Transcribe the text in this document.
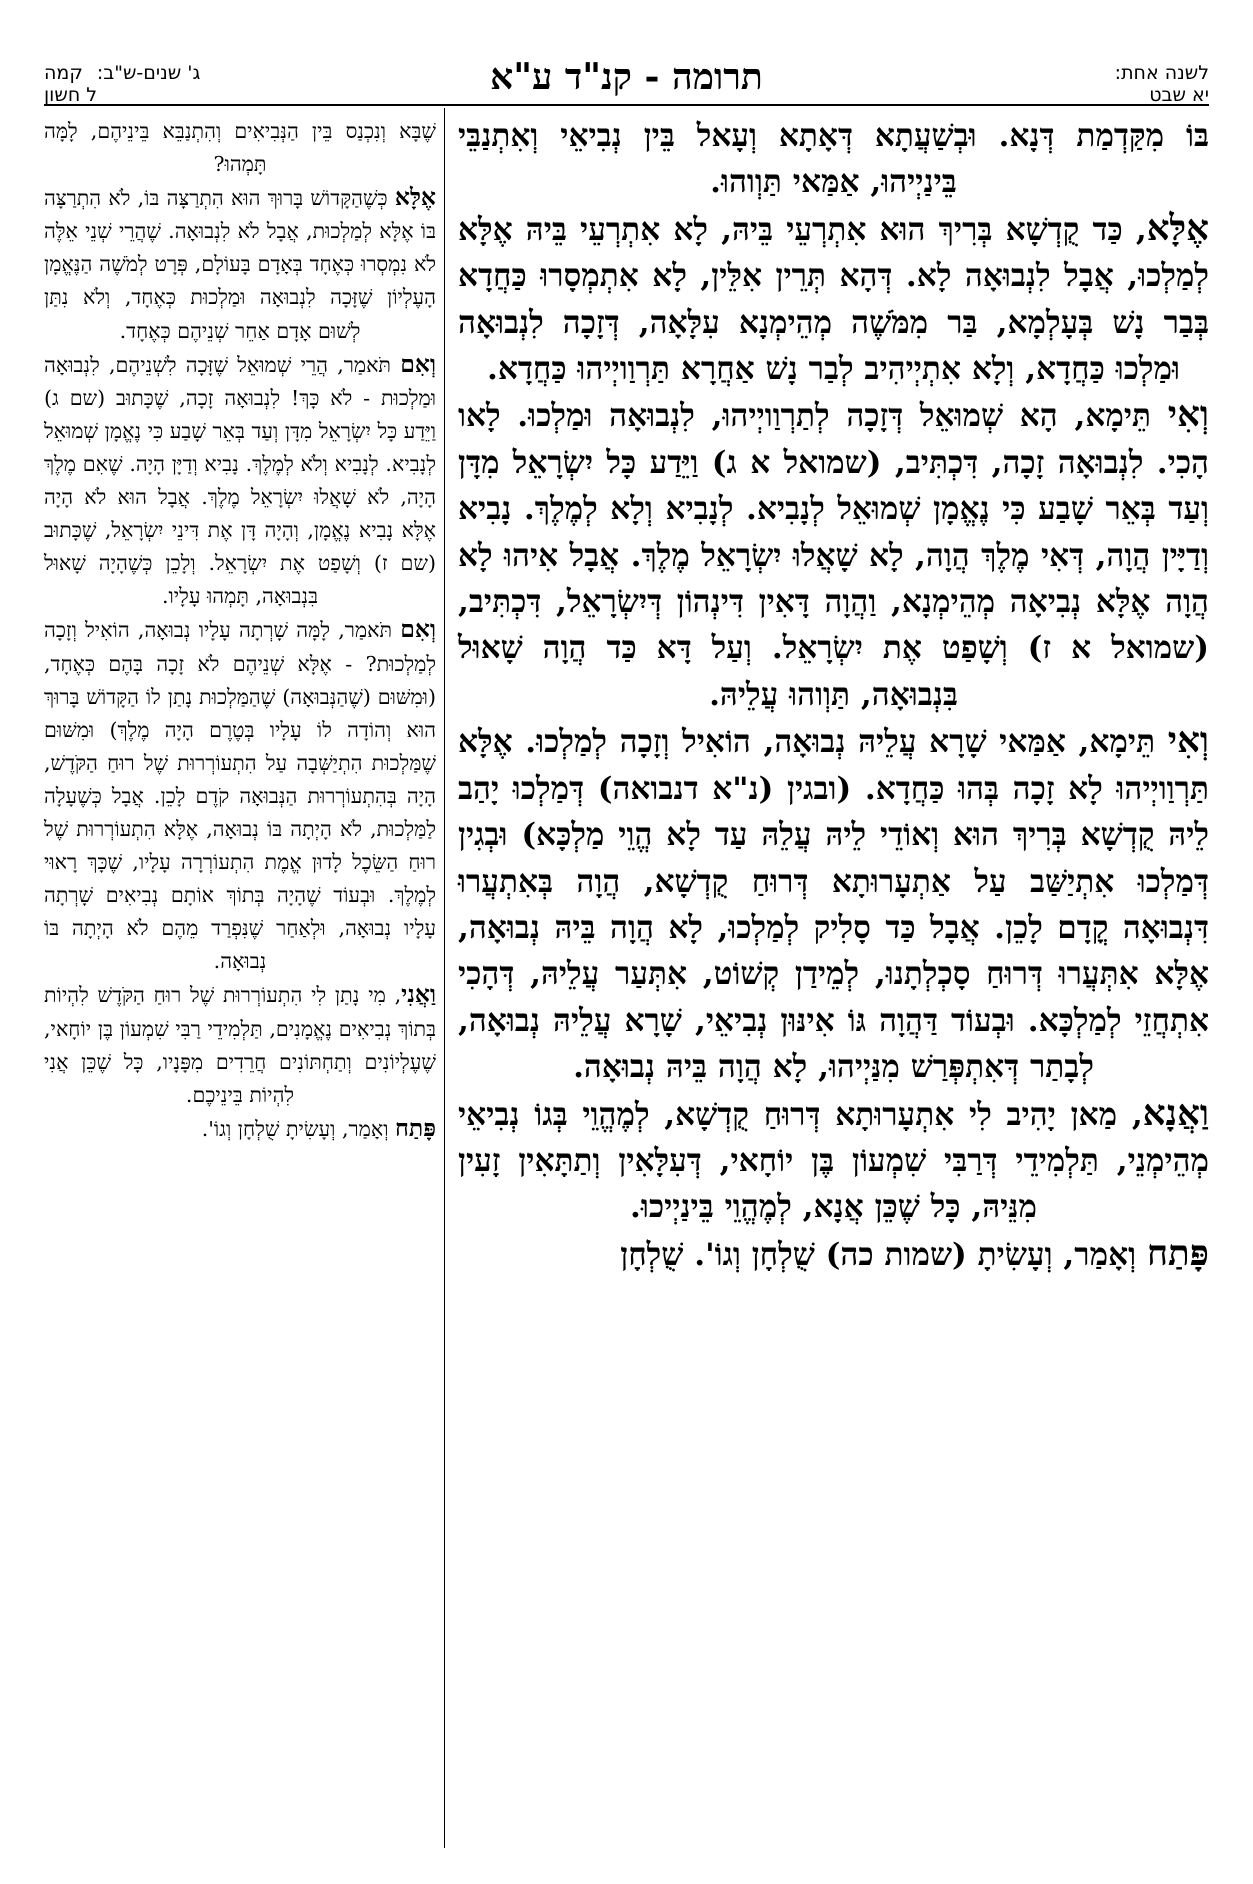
לשנה אחת:
יא שבט
תרומה - קנ"ד ע"א
ג' שנים-ש"ב:קמה
ל חשון

בּוֹ מִקַּדְמַת דְּנָא. וּבְשַׁעֲתָא דְּאָתָא וְעָאל בֵּין נְבִיאֵי וְאִתְנַבֵּי בֵּינַיְיהוּ, אַמַּאי תַּוְוהוּ.

אֶלָּא, כַּד קֻדְשָׁא בְּרִיךְ הוּא אִתְרְעֵי בֵּיהּ, לָא אִתְרְעֵי בֵּיהּ אֶלָּא לְמַלְכוּ, אֲבָל לִנְבוּאָה לָא. דְּהָא תְּרֵין אִלֵּין, לָא אִתְמְסָרוּ כַּחֲדָא בְּבַר נָשׁ בְּעָלְמָא, בַּר מִמֹּשֶׁה מְהֵימְנָא עִלָּאָה, דְּזָכָה לִנְבוּאָה וּמַלְכוּ כַּחֲדָא, וְלָא אִתְיְיהִיב לְבַר נָשׁ אַחֲרָא תַּרְוַויְיהוּ כַּחֲדָא.

וְאִי תֵּימָא, הָא שְׁמוּאֵל דְּזָכָה לְתַרְוַויְיהוּ, לִנְבוּאָה וּמַלְכוּ. לָאו הָכִי. לִנְבוּאָה זָכָה, דִּכְתִּיב, (שמואל א ג) וַיֵּדַע כָּל יִשְׂרָאֵל מִדָּן וְעַד בְּאֵר שָׁבַע כִּי נֶאֱמָן שְׁמוּאֵל לְנָבִיא. לְנָבִיא וְלָא לְמֶלֶךְ. נָבִיא וְדַיָּין הֲוָה, דְּאִי מֶלֶךְ הֲוָה, לָא שָׁאֲלוּ יִשְׂרָאֵל מֶלֶךְ. אֲבָל אִיהוּ לָא הֲוָה אֶלָּא נְבִיאָה מְהֵימְנָא, וַהֲוָה דָּאִין דִּינְהוֹן דְּיִשְׂרָאֵל, דִּכְתִּיב, (שמואל א ז) וְשָׁפַט אֶת יִשְׂרָאֵל. וְעַל דָּא כַּד הֲוָה שָׁאוּל בִּנְבוּאָה, תַּוְוהוּ עֲלֵיהּ.

וְאִי תֵּימָא, אַמַּאי שָׁרָא עֲלֵיהּ נְבוּאָה, הוֹאִיל וְזָכָה לְמַלְכוּ. אֶלָּא תַּרְוַויְיהוּ לָא זָכָה בְּהוּ כַּחֲדָא. (ובגין (נ"א דנבואה) דְּמַלְכוּ יָהַב לֵיהּ קֻדְשָׁא בְּרִיךְ הוּא וְאוֹדֵי לֵיהּ עֲלֵהּ עַד לָא הֱוֵי מַלְכָּא) וּבְגִין דְּמַלְכוּ אִתְיַשַּׁב עַל אַתְעָרוּתָא דְּרוּחַ קֻדְשָׁא, הֲוָה בְּאִתְעֲרוּ דִּנְבוּאָה קֳדָם לָכֵן. אֲבָל כַּד סָלִיק לְמַלְכוּ, לָא הֲוָה בֵּיהּ נְבוּאָה, אֶלָּא אִתְּעֲרוּ דְּרוּחַ סָכְלְתָנוּ, לְמֵידַן קְשׁוֹט, אִתְּעַר עֲלֵיהּ, דְּהָכִי אִתְחֲזֵי לְמַלְכָּא. וּבְעוֹד דַּהֲוָה גּוֹ אִינּוּן נְבִיאֵי, שָׁרָא עֲלֵיהּ נְבוּאָה, לְבָתַר דְּאִתְפְּרַשׁ מִנַּיְיהוּ, לָא הֲוָה בֵּיהּ נְבוּאָה.

וַאֲנָא, מַאן יָהִיב לִי אִתְעָרוּתָא דְּרוּחַ קֻדְשָׁא, לְמֶהֱוֵי בְּגוֹ נְבִיאֵי מְהֵימְנֵי, תַּלְמִידֵי דְּרַבִּי שִׁמְעוֹן בֶּן יוֹחָאי, דְּעִלָּאִין וְתַתָּאִין זָעִין מִנֵּיהּ, כָּל שֶׁכֵּן אֲנָא, לְמֶהֱוֵי בֵּינַיְיכוּ.

פָּתַח וְאָמַר, וְעָשִׂיתָ (שמות כה) שֻׁלְחָן וְגוֹ'. שֻׁלְחָן

שֶׁבָּא וְנִכְנַס בֵּין הַנְּבִיאִים וְהִתְנַבֵּא בֵּינֵיהֶם, לָמָּה תָּמְהוּ?

אֶלָּא כְּשֶׁהַקָּדוֹשׁ בָּרוּךְ הוּא הִתְרַצָּה בּוֹ, לֹא הִתְרַצָּה בּוֹ אֶלָּא לְמַלְכוּת, אֲבָל לֹא לִנְבוּאָה. שֶׁהֲרֵי שְׁנֵי אֵלֶּה לֹא נִמְסְרוּ כְּאֶחָד בְּאָדָם בָּעוֹלָם, פְּרָט לְמֹשֶׁה הַנֶּאֱמָן הָעֶלְיוֹן שֶׁזָּכָה לִנְבוּאָה וּמַלְכוּת כְּאֶחָד, וְלֹא נִתַּן לְשׁוּם אָדָם אַחֵר שְׁנֵיהֶם כְּאֶחָד.

וְאִם תֹּאמַר, הֲרֵי שְׁמוּאֵל שֶׁזָּכָה לִשְׁנֵיהֶם, לִנְבוּאָה וּמַלְכוּת - לֹא כָּךְ! לִנְבוּאָה זָכָה, שֶׁכָּתוּב (שם ג) וַיֵּדַע כָּל יִשְׂרָאֵל מִדָּן וְעַד בְּאֵר שָׁבַע כִּי נֶאֱמָן שְׁמוּאֵל לְנָבִיא. לְנָבִיא וְלֹא לְמֶלֶךְ. נָבִיא וְדַיָּן הָיָה. שֶׁאִם מֶלֶךְ הָיָה, לֹא שָׁאֲלוּ יִשְׂרָאֵל מֶלֶךְ. אֲבָל הוּא לֹא הָיָה אֶלָּא נָבִיא נֶאֱמָן, וְהָיָה דָּן אֶת דִּינֵי יִשְׂרָאֵל, שֶׁכָּתוּב (שם ז) וְשָׁפַט אֶת יִשְׂרָאֵל. וְלָכֵן כְּשֶׁהָיָה שָׁאוּל בִּנְבוּאָה, תָּמְהוּ עָלָיו.

וְאִם תֹּאמַר, לָמָּה שָׁרְתָה עָלָיו נְבוּאָה, הוֹאִיל וְזָכָה לְמַלְכוּת? - אֶלָּא שְׁנֵיהֶם לֹא זָכָה בָּהֶם כְּאֶחָד, (וּמִשּׁוּם (שֶׁהַנְּבוּאָה) שֶׁהַמַּלְכוּת נָתַן לוֹ הַקָּדוֹשׁ בָּרוּךְ הוּא וְהוֹדָה לוֹ עָלָיו בְּטֶרֶם הָיָה מֶלֶךְ) וּמִשּׁוּם שֶׁמַּלְכוּת הִתְיַשְּׁבָה עַל הִתְעוֹרְרוּת שֶׁל רוּחַ הַקֹּדֶשׁ, הָיָה בְּהִתְעוֹרְרוּת הַנְּבוּאָה קֹדֶם לָכֵן. אֲבָל כְּשֶׁעָלָה לַמַּלְכוּת, לֹא הָיְתָה בּוֹ נְבוּאָה, אֶלָּא הִתְעוֹרְרוּת שֶׁל רוּחַ הַשֵּׂכֶל לָדוּן אֱמֶת הִתְעוֹרְרָה עָלָיו, שֶׁכָּךְ רָאוּי לְמֶלֶךְ. וּבְעוֹד שֶׁהָיָה בְּתוֹךְ אוֹתָם נְבִיאִים שָׁרְתָה עָלָיו נְבוּאָה, וּלְאַחַר שֶׁנִּפְרַד מֵהֶם לֹא הָיְתָה בּוֹ נְבוּאָה.

וַאֲנִי, מִי נָתַן לִי הִתְעוֹרְרוּת שֶׁל רוּחַ הַקֹּדֶשׁ לִהְיוֹת בְּתוֹךְ נְבִיאִים נֶאֱמָנִים, תַּלְמִידֵי רַבִּי שִׁמְעוֹן בֶּן יוֹחָאי, שֶׁעֶלְיוֹנִים וְתַחְתּוֹנִים חֲרֵדִים מִפָּנָיו, כָּל שֶׁכֵּן אֲנִי לִהְיוֹת בֵּינֵיכֶם.

פָּתַח וְאָמַר, וְעָשִׂיתָ שֻׁלְחָן וְגוֹ'.
